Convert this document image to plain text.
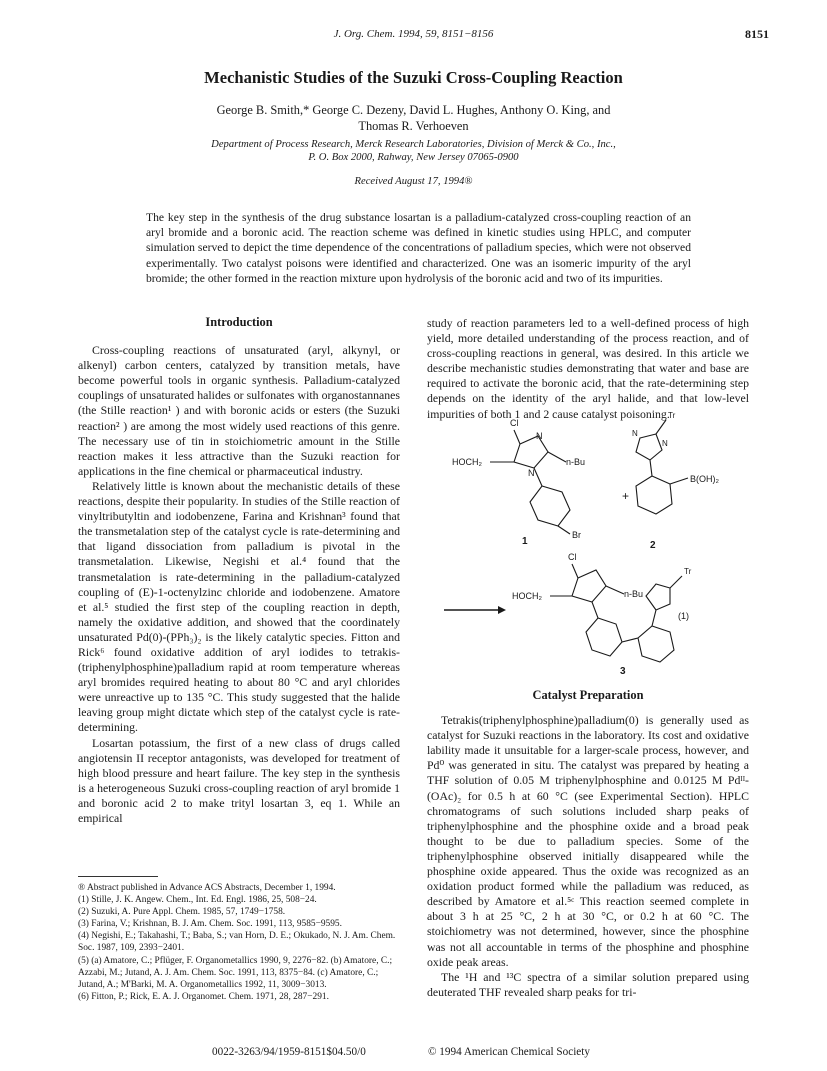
J. Org. Chem. 1994, 59, 8151−8156	8151
Mechanistic Studies of the Suzuki Cross-Coupling Reaction
George B. Smith,* George C. Dezeny, David L. Hughes, Anthony O. King, and
Thomas R. Verhoeven
Department of Process Research, Merck Research Laboratories, Division of Merck & Co., Inc.,
P. O. Box 2000, Rahway, New Jersey 07065-0900
Received August 17, 1994®

The key step in the synthesis of the drug substance losartan is a palladium-catalyzed cross-coupling reaction of an aryl bromide and a boronic acid. The reaction scheme was defined in kinetic studies using HPLC, and computer simulation served to depict the time dependence of the concentrations of palladium species, which were not observed experimentally. Two catalyst poisons were identified and characterized. One was an isomeric impurity of the aryl bromide; the other formed in the reaction mixture upon hydrolysis of the boronic acid and two of its impurities.

Introduction

Cross-coupling reactions of unsaturated (aryl, alkynyl, or alkenyl) carbon centers, catalyzed by transition metals, have become powerful tools in organic synthesis. Palladium-catalyzed couplings of unsaturated halides or sulfonates with organostannanes (the Stille reaction¹ ) and with boronic acids or esters (the Suzuki reaction² ) are among the most widely used reactions of this genre. The necessary use of tin in stoichiometric amount in the Stille reaction makes it less attractive than the Suzuki reaction for applications in the fine chemical or pharmaceutical industry.

Relatively little is known about the mechanistic details of these reactions, despite their popularity. In studies of the Stille reaction of vinyltributyltin and iodobenzene, Farina and Krishnan³ found that the transmetalation step of the catalyst cycle is rate-determining and that ligand dissociation from palladium is pivotal in the transmetalation. Likewise, Negishi et al.⁴ found that the transmetalation is rate-determining in the palladium-catalyzed coupling of (E)-1-octenylzinc chloride and iodobenzene. Amatore et al.⁵ studied the first step of the coupling reaction in depth, namely the oxidative addition, and showed that the coordinately unsaturated Pd(0)-(PPh₃)₂ is the likely catalytic species. Fitton and Rick⁶ found oxidative addition of aryl iodides to tetrakis-(triphenylphosphine)palladium rapid at room temperature whereas aryl bromides required heating to about 80 °C and aryl chlorides were unreactive up to 135 °C. This study suggested that the halide leaving group might dictate which step of the catalyst cycle is rate-determining.

Losartan potassium, the first of a new class of drugs called angiotensin II receptor antagonists, was developed for treatment of high blood pressure and heart failure. The key step in the synthesis is a heterogeneous Suzuki cross-coupling reaction of aryl bromide 1 and boronic acid 2 to make trityl losartan 3, eq 1. While an empirical

® Abstract published in Advance ACS Abstracts, December 1, 1994.

(1) Stille, J. K. Angew. Chem., Int. Ed. Engl. 1986, 25, 508−24.

(2) Suzuki, A. Pure Appl. Chem. 1985, 57, 1749−1758.

(3) Farina, V.; Krishnan, B. J. Am. Chem. Soc. 1991, 113, 9585−9595.

(4) Negishi, E.; Takahashi, T.; Baba, S.; van Horn, D. E.; Okukado, N. J. Am. Chem. Soc. 1987, 109, 2393−2401.

(5) (a) Amatore, C.; Pflüger, F. Organometallics 1990, 9, 2276−82. (b) Amatore, C.; Azzabi, M.; Jutand, A. J. Am. Chem. Soc. 1991, 113, 8375−84. (c) Amatore, C.; Jutand, A.; M'Barki, M. A. Organometallics 1992, 11, 3009−3013.

(6) Fitton, P.; Rick, E. A. J. Organomet. Chem. 1971, 28, 287−291.

study of reaction parameters led to a well-defined process of high yield, more detailed understanding of the process reaction, and of cross-coupling reactions in general, was desired. In this article we describe mechanistic studies demonstrating that water and base are required to activate the boronic acid, that the rate-determining step depends on the identity of the aryl halide, and that low-level impurities of both 1 and 2 cause catalyst poisoning.

Cl
N
N
HOCH₂	n-Bu
Br
1
+
Tr
N
N
B(OH)₂
2
Cl
HOCH₂	n-Bu
Tr
(1)
3
Catalyst Preparation

Tetrakis(triphenylphosphine)palladium(0) is generally used as catalyst for Suzuki reactions in the laboratory. Its cost and oxidative lability made it unsuitable for a larger-scale process, however, and Pd⁰ was generated in situ. The catalyst was prepared by heating a THF solution of 0.05 M triphenylphosphine and 0.0125 M Pdᴵᴵ-(OAc)₂ for 0.5 h at 60 °C (see Experimental Section). HPLC chromatograms of such solutions included sharp peaks of triphenylphosphine and the phosphine oxide and a broad peak thought to be due to palladium species. Some of the triphenylphosphine observed initially disappeared while the phosphine oxide appeared. Thus the oxide was recognized as an oxidation product formed while the palladium was reduced, as described by Amatore et al.⁵ᶜ This reaction seemed complete in about 3 h at 25 °C, 2 h at 30 °C, or 0.2 h at 60 °C. The stoichiometry was not determined, however, since the phosphine was not all accountable in terms of the phosphine and phosphine oxide peak areas.

The ¹H and ¹³C spectra of a similar solution prepared using deuterated THF revealed sharp peaks for tri-

0022-3263/94/1959-8151$04.50/0	© 1994 American Chemical Society
